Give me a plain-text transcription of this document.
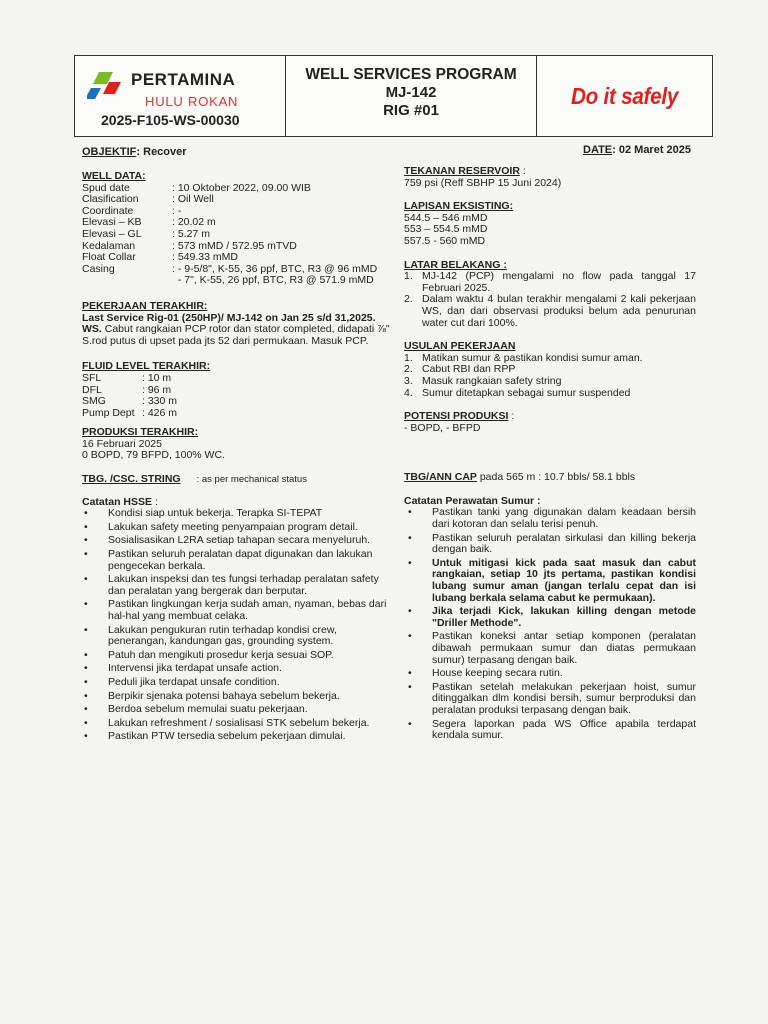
PERTAMINA
HULU ROKAN
2025-F105-WS-00030
WELL SERVICES PROGRAM
MJ-142
RIG #01
Do it safely
OBJEKTIF: Recover	DATE: 02 Maret 2025
WELL DATA:
Spud date	: 10 Oktober 2022, 09.00 WIB
Clasification	: Oil Well
Coordinate	: -
Elevasi – KB	: 20.02 m
Elevasi – GL	: 5.27 m
Kedalaman	: 573 mMD / 572.95 mTVD
Float Collar	: 549.33 mMD
Casing	: - 9-5/8", K-55, 36 ppf, BTC, R3 @ 96 mMD
- 7", K-55, 26 ppf, BTC, R3 @ 571.9 mMD
PEKERJAAN TERAKHIR:
Last Service Rig-01 (250HP)/ MJ-142 on Jan 25 s/d 31,2025. WS. Cabut rangkaian PCP rotor dan stator completed, didapati ⅞" S.rod putus di upset pada jts 52 dari permukaan. Masuk PCP.
FLUID LEVEL TERAKHIR:
SFL	: 10 m
DFL	: 96 m
SMG	: 330 m
Pump Dept : 426 m
PRODUKSI TERAKHIR:
16 Februari 2025
0 BOPD, 79 BFPD, 100% WC.
TBG. /CSC. STRING : as per mechanical status
Catatan HSSE :
•	Kondisi siap untuk bekerja. Terapka SI-TEPAT
•	Lakukan safety meeting penyampaian program detail.
•	Sosialisasikan L2RA setiap tahapan secara menyeluruh.
•	Pastikan seluruh peralatan dapat digunakan dan lakukan pengecekan berkala.
•	Lakukan inspeksi dan tes fungsi terhadap peralatan safety dan peralatan yang bergerak dan berputar.
•	Pastikan lingkungan kerja sudah aman, nyaman, bebas dari hal-hal yang membuat celaka.
•	Lakukan pengukuran rutin terhadap kondisi crew, penerangan, kandungan gas, grounding system.
•	Patuh dan mengikuti prosedur kerja sesuai SOP.
•	Intervensi jika terdapat unsafe action.
•	Peduli jika terdapat unsafe condition.
•	Berpikir sjenaka potensi bahaya sebelum bekerja.
•	Berdoa sebelum memulai suatu pekerjaan.
•	Lakukan refreshment / sosialisasi STK sebelum bekerja.
•	Pastikan PTW tersedia sebelum pekerjaan dimulai.
TEKANAN RESERVOIR :
759 psi (Reff SBHP 15 Juni 2024)
LAPISAN EKSISTING:
544.5 – 546 mMD
553 – 554.5 mMD
557.5 - 560 mMD
LATAR BELAKANG :
1. MJ-142 (PCP) mengalami no flow pada tanggal 17 Februari 2025.
2. Dalam waktu 4 bulan terakhir mengalami 2 kali pekerjaan WS, dan dari observasi produksi belum ada penurunan water cut dari 100%.
USULAN PEKERJAAN
1. Matikan sumur & pastikan kondisi sumur aman.
2. Cabut RBI dan RPP
3. Masuk rangkaian safety string
4. Sumur ditetapkan sebagai sumur suspended
POTENSI PRODUKSI :
- BOPD, - BFPD
TBG/ANN CAP pada 565 m : 10.7 bbls/ 58.1 bbls
Catatan Perawatan Sumur :
•	Pastikan tanki yang digunakan dalam keadaan bersih dari kotoran dan selalu terisi penuh.
•	Pastikan seluruh peralatan sirkulasi dan killing bekerja dengan baik.
•	Untuk mitigasi kick pada saat masuk dan cabut rangkaian, setiap 10 jts pertama, pastikan kondisi lubang sumur aman (jangan terlalu cepat dan isi lubang berkala selama cabut ke permukaan).
•	Jika terjadi Kick, lakukan killing dengan metode "Driller Methode".
•	Pastikan koneksi antar setiap komponen (peralatan dibawah permukaan sumur dan diatas permukaan sumur) terpasang dengan baik.
•	House keeping secara rutin.
•	Pastikan setelah melakukan pekerjaan hoist, sumur ditinggalkan dlm kondisi bersih, sumur berproduksi dan peralatan produksi terpasang dengan baik.
•	Segera laporkan pada WS Office apabila terdapat kendala sumur.
